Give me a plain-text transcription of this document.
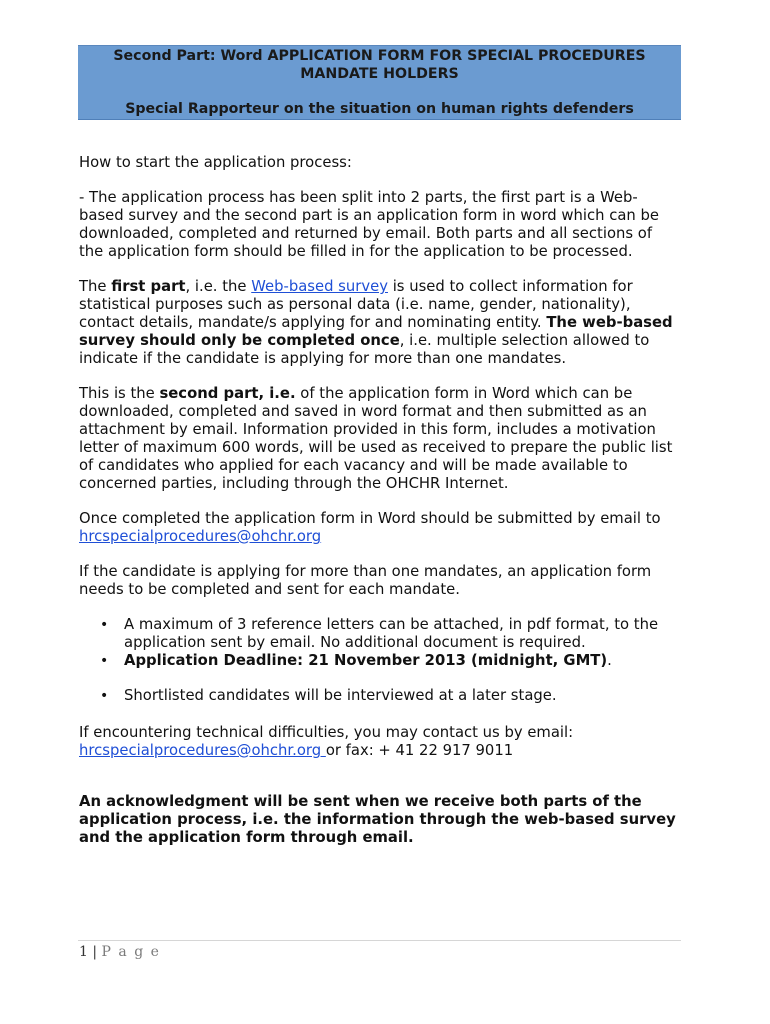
Second Part: Word APPLICATION FORM FOR SPECIAL PROCEDURES
MANDATE HOLDERS
Special Rapporteur on the situation on human rights defenders

How to start the application process:

- The application process has been split into 2 parts, the first part is a Web-based survey and the second part is an application form in word which can be downloaded, completed and returned by email. Both parts and all sections of the application form should be filled in for the application to be processed.

The first part, i.e. the Web-based survey is used to collect information for statistical purposes such as personal data (i.e. name, gender, nationality), contact details, mandate/s applying for and nominating entity. The web-based survey should only be completed once, i.e. multiple selection allowed to indicate if the candidate is applying for more than one mandates.

This is the second part, i.e. of the application form in Word which can be downloaded, completed and saved in word format and then submitted as an attachment by email. Information provided in this form, includes a motivation letter of maximum 600 words, will be used as received to prepare the public list of candidates who applied for each vacancy and will be made available to concerned parties, including through the OHCHR Internet.

Once completed the application form in Word should be submitted by email to hrcspecialprocedures@ohchr.org

If the candidate is applying for more than one mandates, an application form needs to be completed and sent for each mandate.

• A maximum of 3 reference letters can be attached, in pdf format, to the application sent by email. No additional document is required.
• Application Deadline: 21 November 2013 (midnight, GMT).
• Shortlisted candidates will be interviewed at a later stage.

If encountering technical difficulties, you may contact us by email:
hrcspecialprocedures@ohchr.org or fax: + 41 22 917 9011

An acknowledgment will be sent when we receive both parts of the application process, i.e. the information through the web-based survey and the application form through email.

1 | P a g e
